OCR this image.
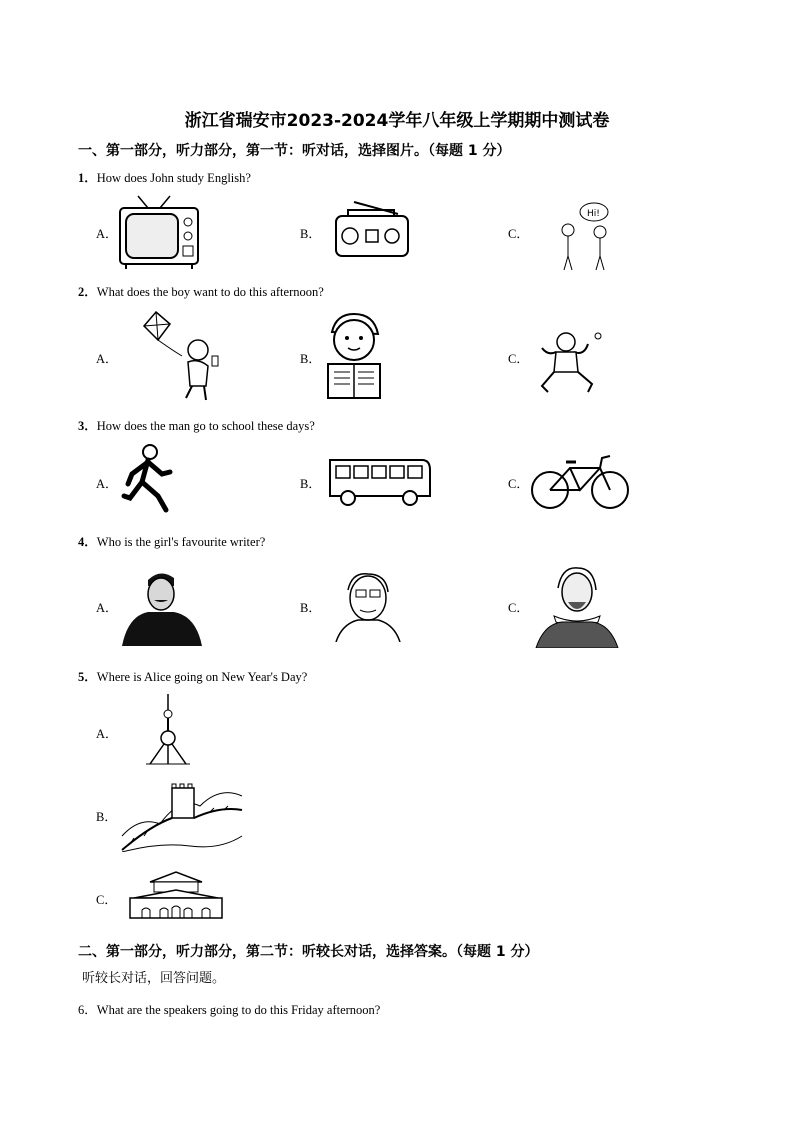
浙江省瑞安市2023-2024学年八年级上学期期中测试卷
一、第一部分，听力部分，第一节：听对话，选择图片。（每题 1 分）
1．How does John study English?
A．	B．	C．
Hi!
2．What does the boy want to do this afternoon?
A．	B．	C．
3．How does the man go to school these days?
A．	B．	C．
4．Who is the girl's favourite writer?
A．	B．	C．
5．Where is Alice going on New Year's Day?
A．
B．
C．
二、第一部分，听力部分，第二节：听较长对话，选择答案。（每题 1 分）
听较长对话，回答问题。
6．What are the speakers going to do this Friday afternoon?
